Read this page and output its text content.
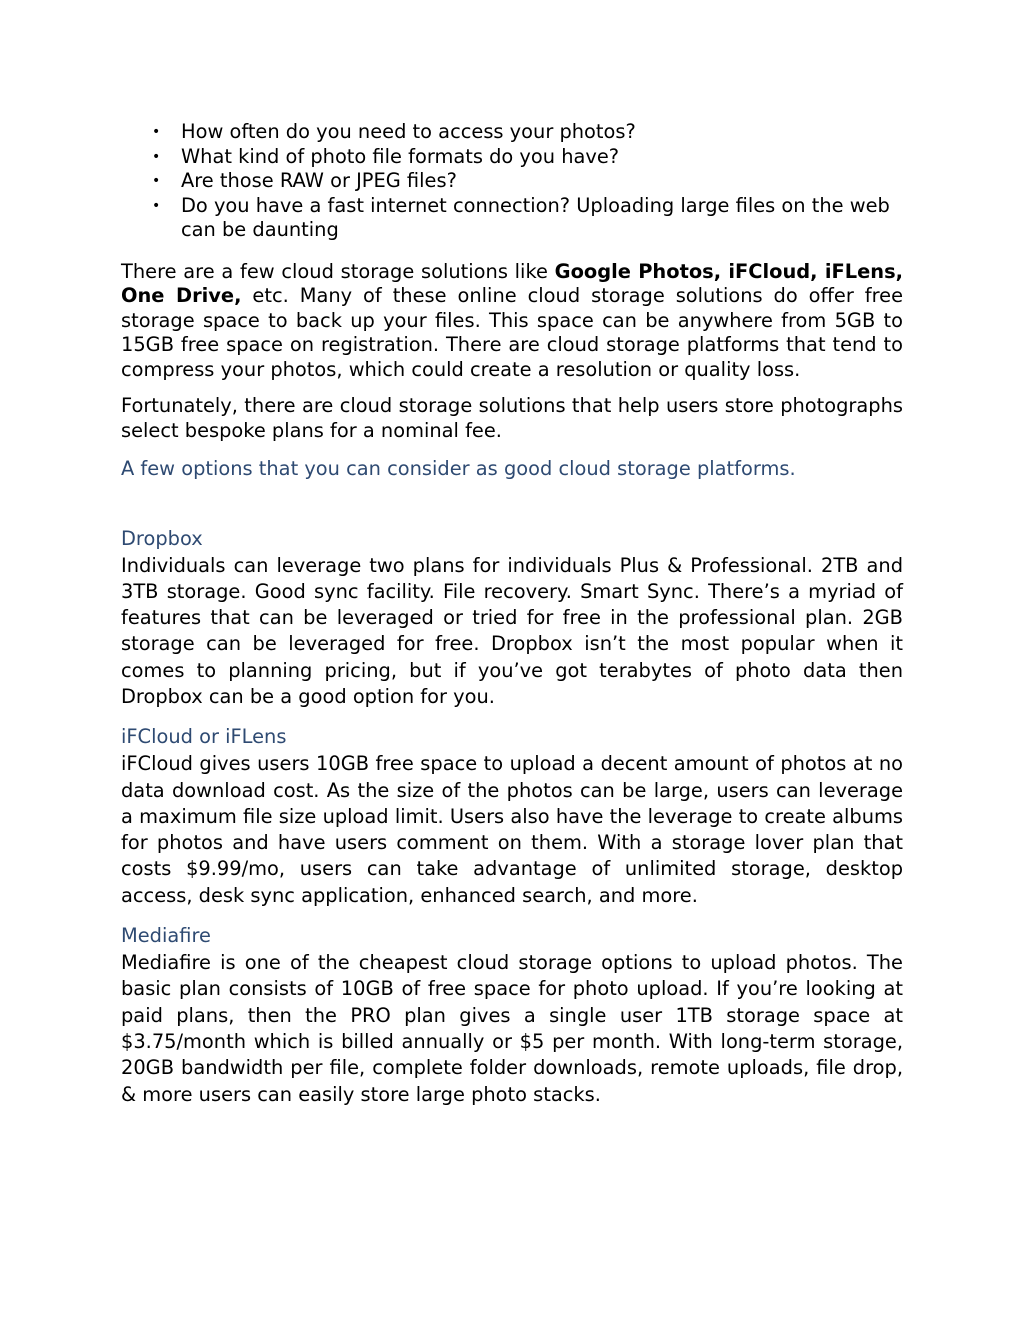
• How often do you need to access your photos?
• What kind of photo file formats do you have?
• Are those RAW or JPEG files?
• Do you have a fast internet connection? Uploading large files on the web can be daunting

There are a few cloud storage solutions like Google Photos, iFCloud, iFLens, One Drive, etc. Many of these online cloud storage solutions do offer free storage space to back up your files. This space can be anywhere from 5GB to 15GB free space on registration. There are cloud storage platforms that tend to compress your photos, which could create a resolution or quality loss.

Fortunately, there are cloud storage solutions that help users store photographs select bespoke plans for a nominal fee.

A few options that you can consider as good cloud storage platforms.

Dropbox

Individuals can leverage two plans for individuals Plus & Professional. 2TB and 3TB storage. Good sync facility. File recovery. Smart Sync. There’s a myriad of features that can be leveraged or tried for free in the professional plan. 2GB storage can be leveraged for free. Dropbox isn’t the most popular when it comes to planning pricing, but if you’ve got terabytes of photo data then Dropbox can be a good option for you.

iFCloud or iFLens

iFCloud gives users 10GB free space to upload a decent amount of photos at no data download cost. As the size of the photos can be large, users can leverage a maximum file size upload limit. Users also have the leverage to create albums for photos and have users comment on them. With a storage lover plan that costs $9.99/mo, users can take advantage of unlimited storage, desktop access, desk sync application, enhanced search, and more.

Mediafire

Mediafire is one of the cheapest cloud storage options to upload photos. The basic plan consists of 10GB of free space for photo upload. If you’re looking at paid plans, then the PRO plan gives a single user 1TB storage space at $3.75/month which is billed annually or $5 per month. With long-term storage, 20GB bandwidth per file, complete folder downloads, remote uploads, file drop, & more users can easily store large photo stacks.
